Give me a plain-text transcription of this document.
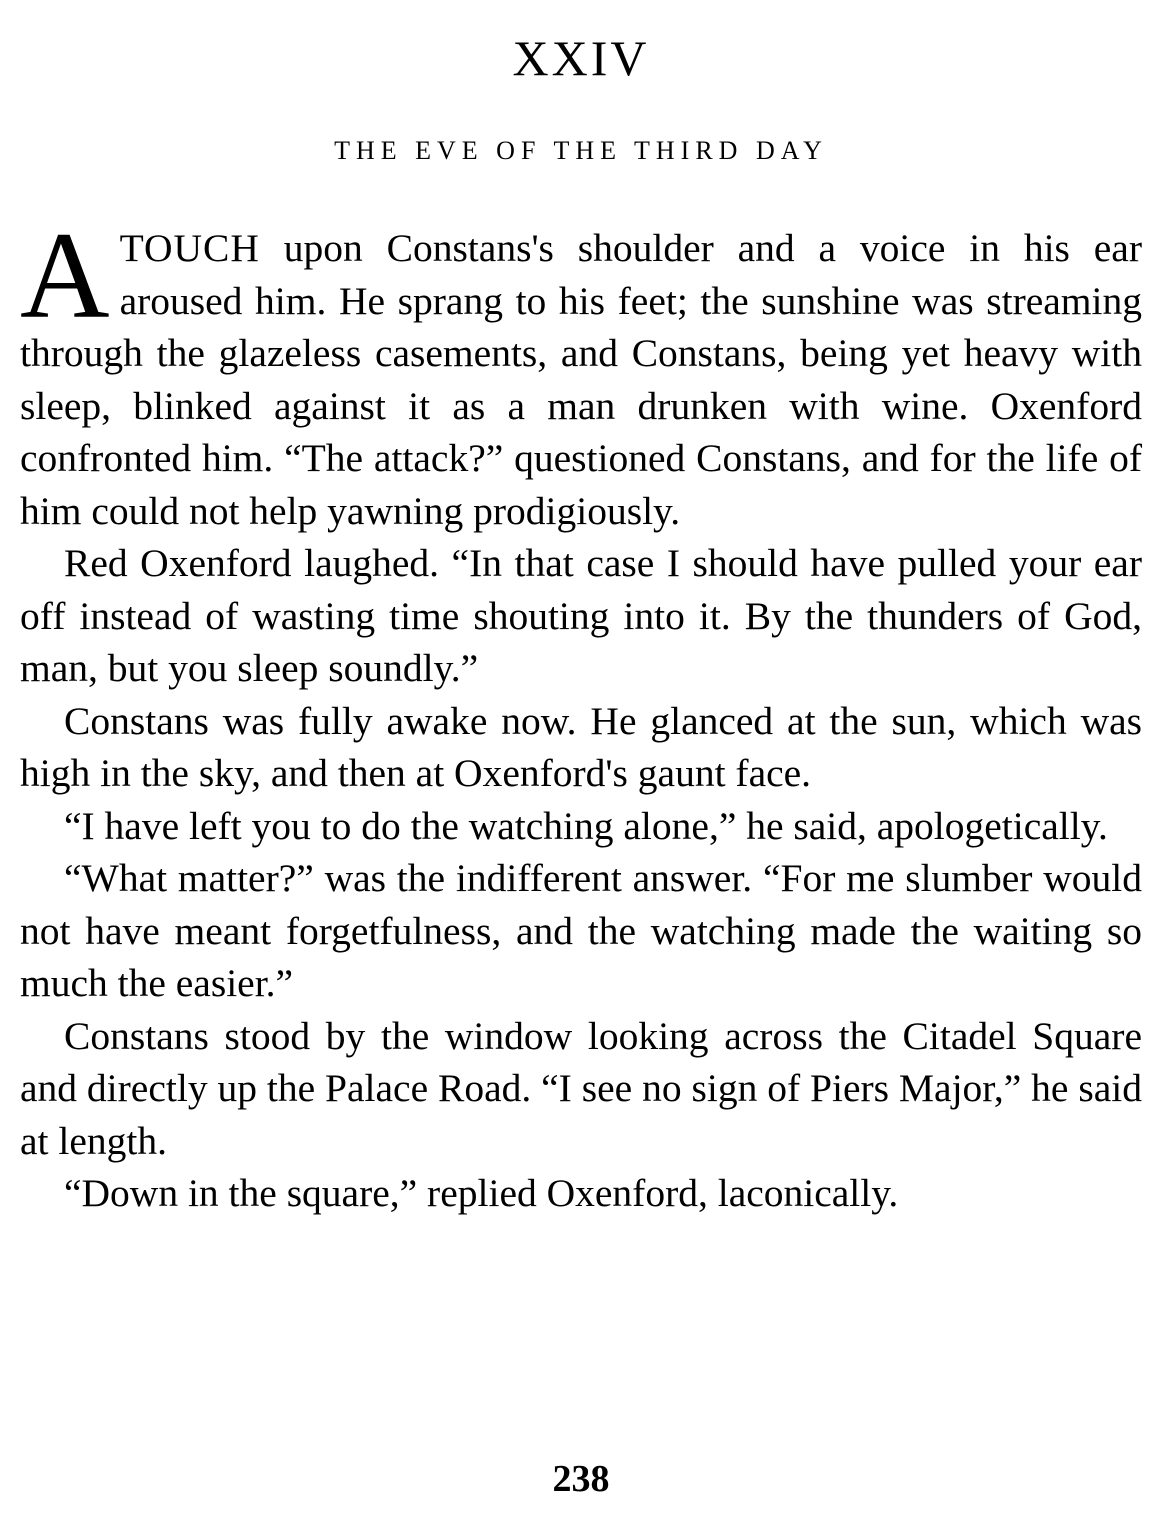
XXIV
THE EVE OF THE THIRD DAY

ATOUCH upon Constans's shoulder and a voice in his ear aroused him. He sprang to his feet; the sunshine was streaming through the glazeless casements, and Constans, being yet heavy with sleep, blinked against it as a man drunken with wine. Oxenford confronted him. “The attack?” questioned Constans, and for the life of him could not help yawning prodigiously.

Red Oxenford laughed. “In that case I should have pulled your ear off instead of wasting time shouting into it. By the thunders of God, man, but you sleep soundly.”

Constans was fully awake now. He glanced at the sun, which was high in the sky, and then at Oxenford's gaunt face.

“I have left you to do the watching alone,” he said, apologetically.

“What matter?” was the indifferent answer. “For me slumber would not have meant forgetfulness, and the watching made the waiting so much the easier.”

Constans stood by the window looking across the Citadel Square and directly up the Palace Road. “I see no sign of Piers Major,” he said at length.

“Down in the square,” replied Oxenford, laconically.

238
